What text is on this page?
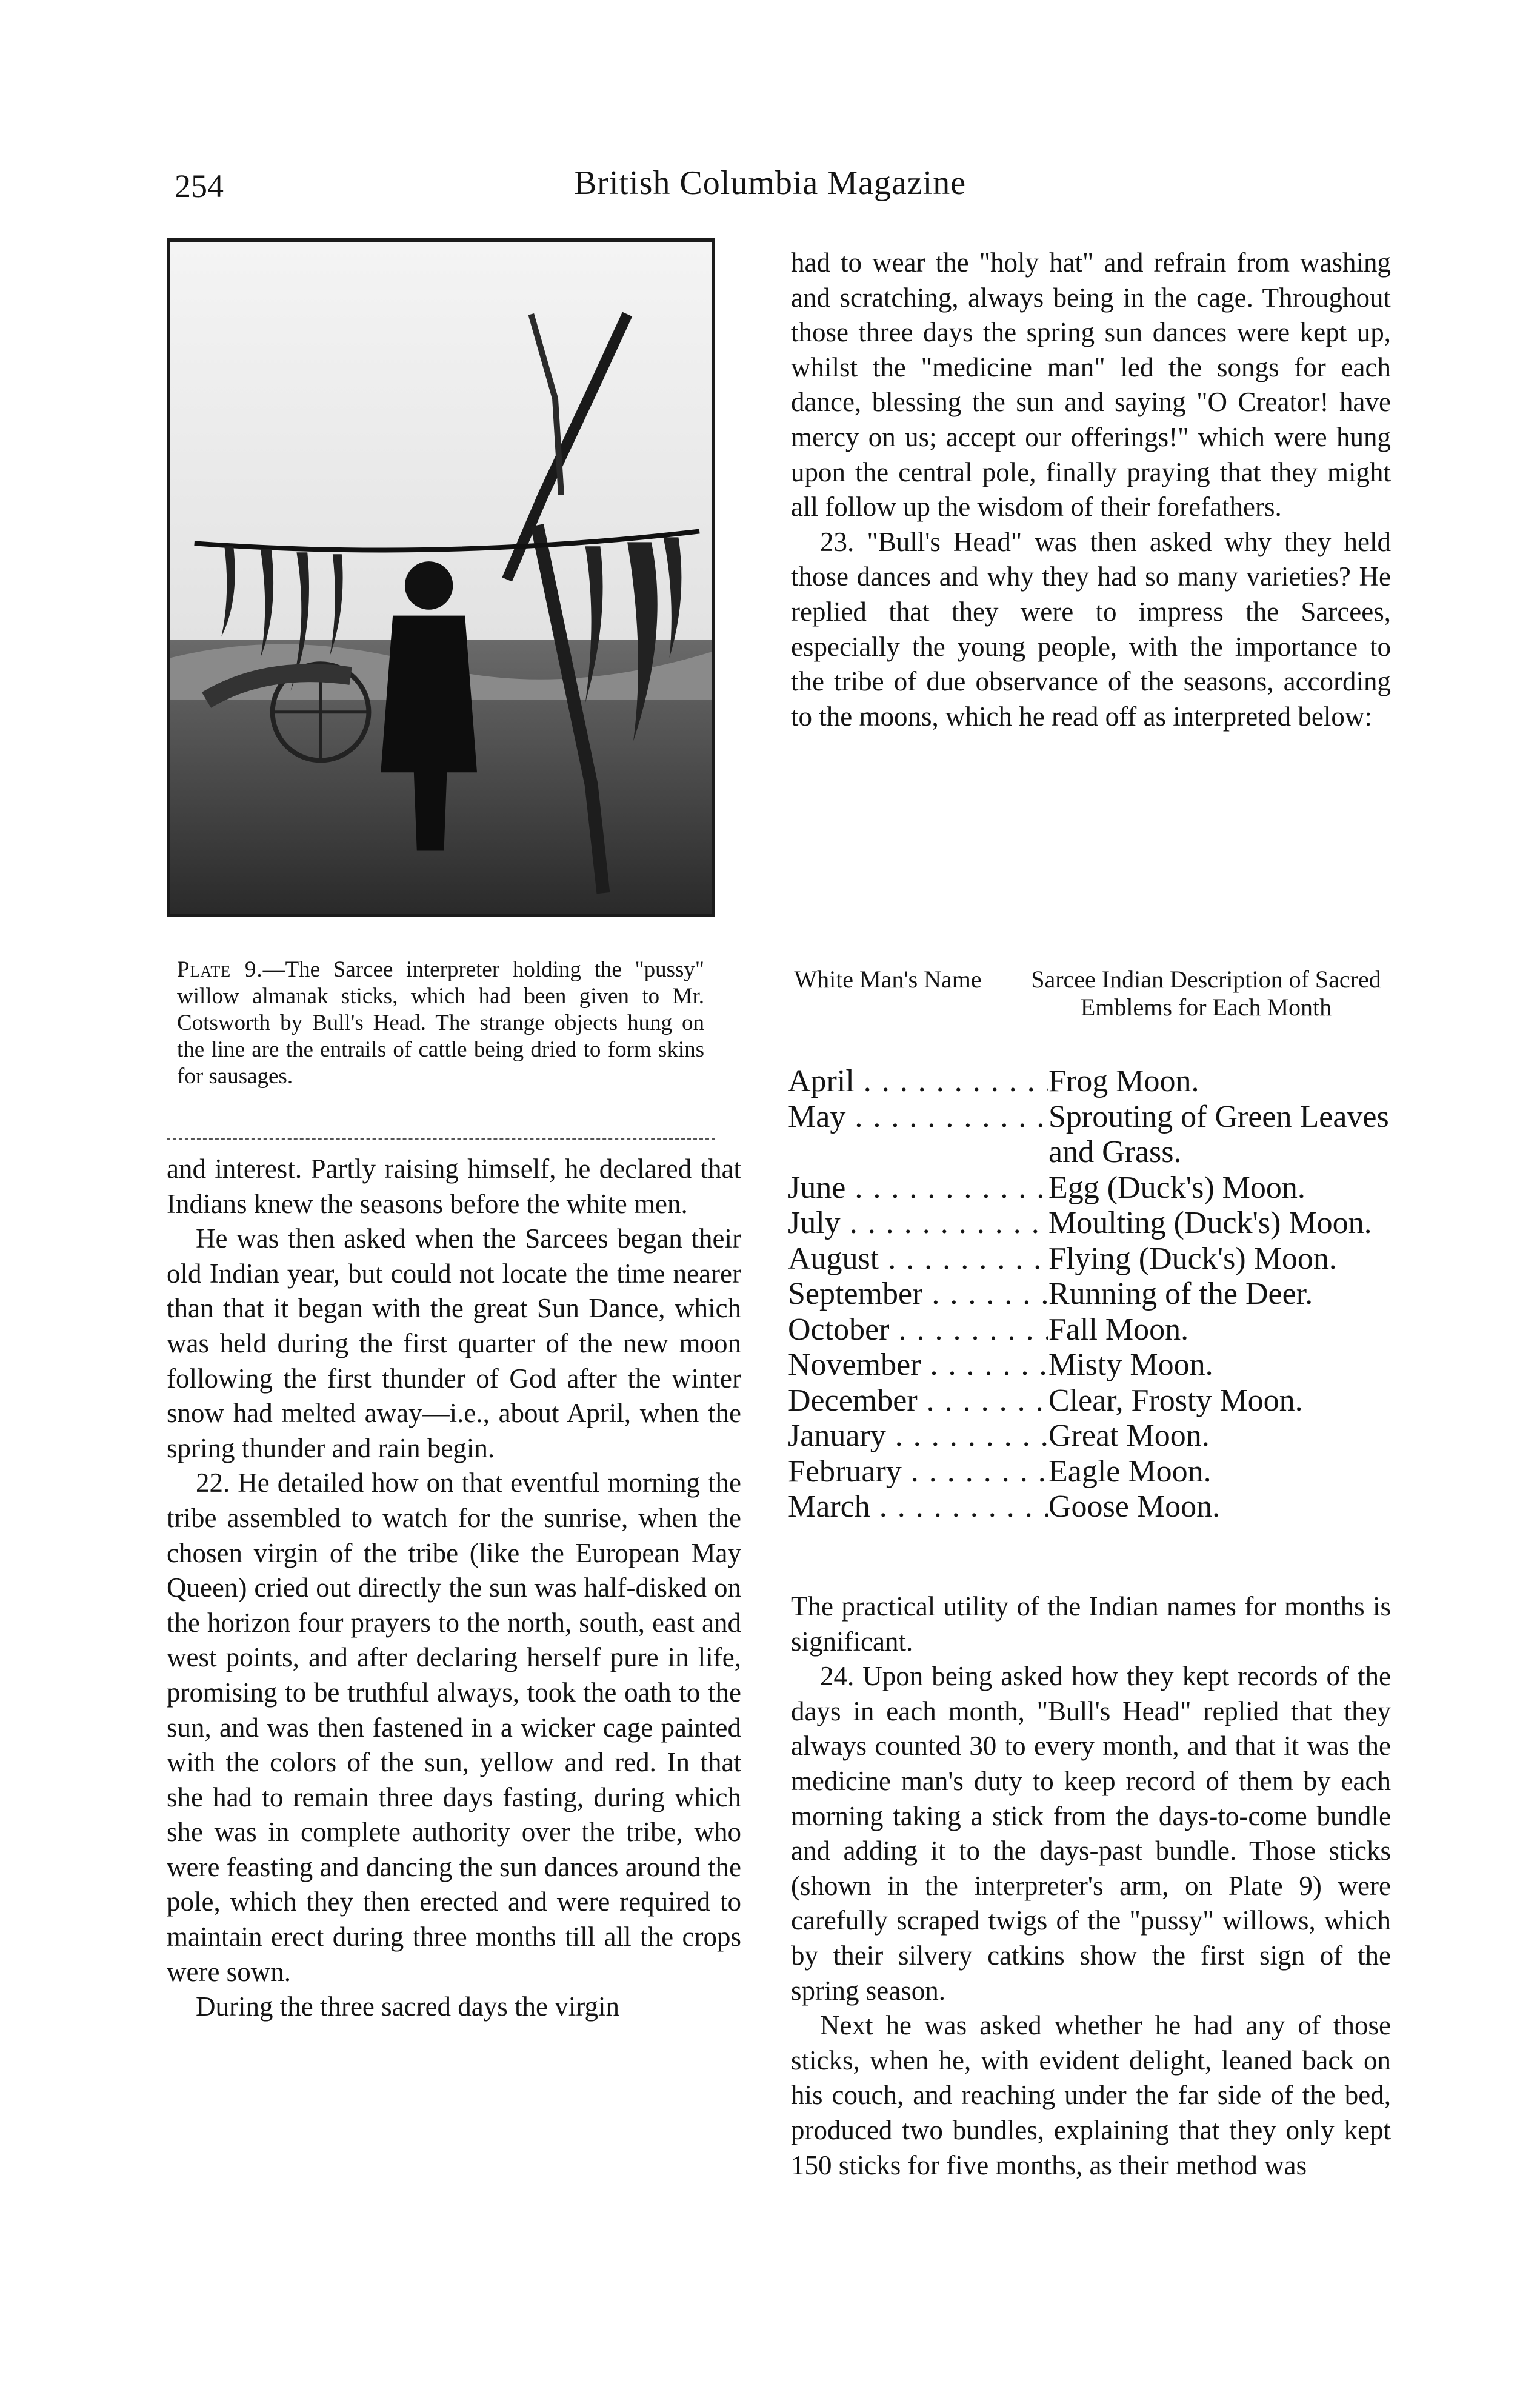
254	British Columbia Magazine
Plate 9.—The Sarcee interpreter holding the "pussy" willow almanak sticks, which had been given to Mr. Cotsworth by Bull's Head. The strange objects hung on the line are the entrails of cattle being dried to form skins for sausages.

and interest. Partly raising himself, he declared that Indians knew the seasons before the white men.

He was then asked when the Sarcees began their old Indian year, but could not locate the time nearer than that it began with the great Sun Dance, which was held during the first quarter of the new moon following the first thunder of God after the winter snow had melted away—i.e., about April, when the spring thunder and rain begin.

22. He detailed how on that eventful morning the tribe assembled to watch for the sunrise, when the chosen virgin of the tribe (like the European May Queen) cried out directly the sun was half-disked on the horizon four prayers to the north, south, east and west points, and after declaring herself pure in life, promising to be truthful always, took the oath to the sun, and was then fastened in a wicker cage painted with the colors of the sun, yellow and red. In that she had to remain three days fasting, during which she was in complete authority over the tribe, who were feasting and dancing the sun dances around the pole, which they then erected and were required to maintain erect during three months till all the crops were sown.

During the three sacred days the virgin

had to wear the "holy hat" and refrain from washing and scratching, always being in the cage. Throughout those three days the spring sun dances were kept up, whilst the "medicine man" led the songs for each dance, blessing the sun and saying "O Creator! have mercy on us; accept our offerings!" which were hung upon the central pole, finally praying that they might all follow up the wisdom of their forefathers.

23. "Bull's Head" was then asked why they held those dances and why they had so many varieties? He replied that they were to impress the Sarcees, especially the young people, with the importance to the tribe of due observance of the seasons, according to the moons, which he read off as interpreted below:

White Man's Name	Sarcee Indian Description of Sacred Emblems for Each Month
April . . .	Frog Moon.
May . . .	Sprouting of Green Leaves and Grass.
June . . .	Egg (Duck's) Moon.
July . . .	Moulting (Duck's) Moon.
August . . .	Flying (Duck's) Moon.
September . . .	Running of the Deer.
October . . .	Fall Moon.
November . . .	Misty Moon.
December . . .	Clear, Frosty Moon.
January . . .	Great Moon.
February . . .	Eagle Moon.
March . . .	Goose Moon.

The practical utility of the Indian names for months is significant.

24. Upon being asked how they kept records of the days in each month, "Bull's Head" replied that they always counted 30 to every month, and that it was the medicine man's duty to keep record of them by each morning taking a stick from the days-to-come bundle and adding it to the days-past bundle. Those sticks (shown in the interpreter's arm, on Plate 9) were carefully scraped twigs of the "pussy" willows, which by their silvery catkins show the first sign of the spring season.

Next he was asked whether he had any of those sticks, when he, with evident delight, leaned back on his couch, and reaching under the far side of the bed, produced two bundles, explaining that they only kept 150 sticks for five months, as their method was
